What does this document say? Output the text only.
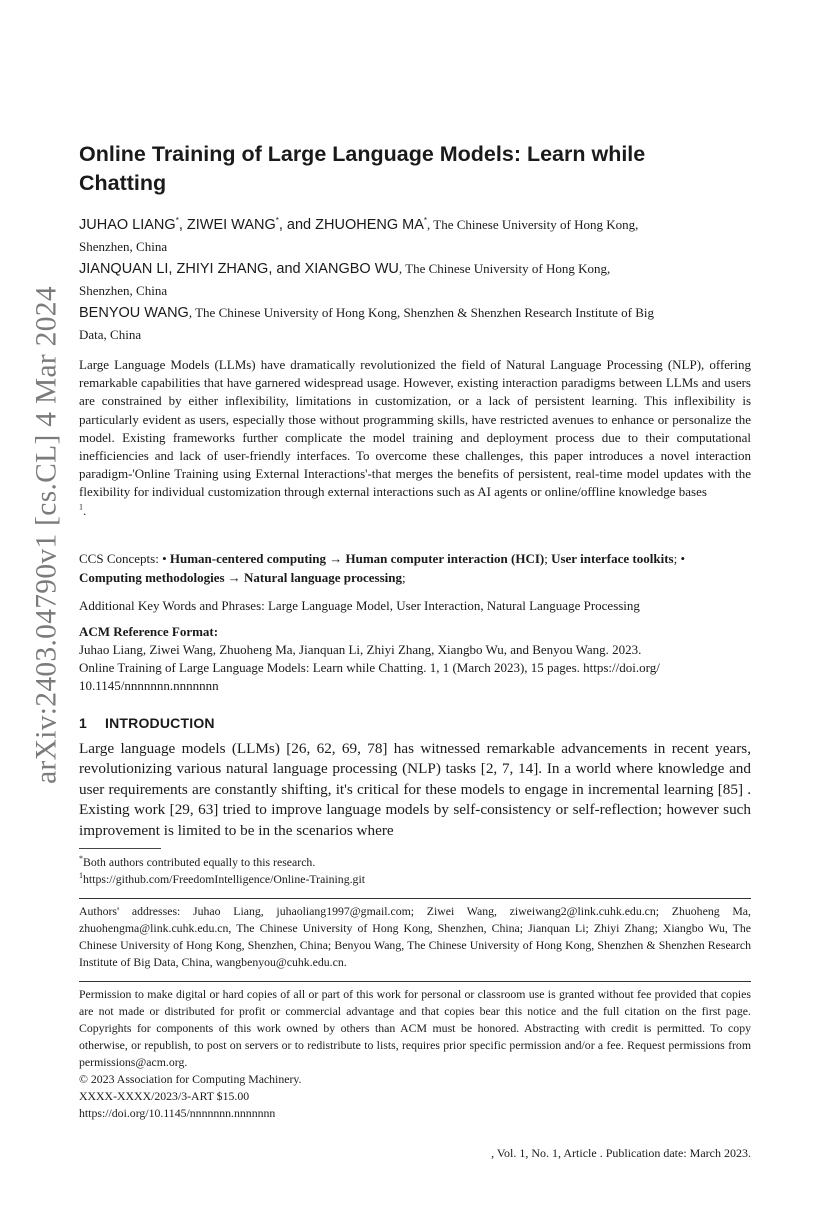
arXiv:2403.04790v1 [cs.CL] 4 Mar 2024
Online Training of Large Language Models: Learn while
Chatting
JUHAO LIANG*, ZIWEI WANG*, and ZHUOHENG MA*, The Chinese University of Hong Kong,
Shenzhen, China
JIANQUAN LI, ZHIYI ZHANG, and XIANGBO WU, The Chinese University of Hong Kong,
Shenzhen, China
BENYOU WANG, The Chinese University of Hong Kong, Shenzhen & Shenzhen Research Institute of Big
Data, China

Large Language Models (LLMs) have dramatically revolutionized the field of Natural Language Processing (NLP), offering remarkable capabilities that have garnered widespread usage. However, existing interaction paradigms between LLMs and users are constrained by either inflexibility, limitations in customization, or a lack of persistent learning. This inflexibility is particularly evident as users, especially those without programming skills, have restricted avenues to enhance or personalize the model. Existing frameworks further complicate the model training and deployment process due to their computational inefficiencies and lack of user-friendly interfaces. To overcome these challenges, this paper introduces a novel interaction paradigm-'Online Training using External Interactions'-that merges the benefits of persistent, real-time model updates with the flexibility for individual customization through external interactions such as AI agents or online/offline knowledge bases
$^1$.

CCS Concepts: • Human-centered computing → Human computer interaction (HCI); User interface toolkits; • Computing methodologies → Natural language processing;

Additional Key Words and Phrases: Large Language Model, User Interaction, Natural Language Processing

ACM Reference Format:
Juhao Liang, Ziwei Wang, Zhuoheng Ma, Jianquan Li, Zhiyi Zhang, Xiangbo Wu, and Benyou Wang. 2023.
Online Training of Large Language Models: Learn while Chatting. 1, 1 (March 2023), 15 pages. https://doi.org/
10.1145/nnnnnnn.nnnnnnn
1 INTRODUCTION

Large language models (LLMs) [26, 62, 69, 78] has witnessed remarkable advancements in recent years, revolutionizing various natural language processing (NLP) tasks [2, 7, 14]. In a world where knowledge and user requirements are constantly shifting, it's critical for these models to engage in incremental learning [85] . Existing work [29, 63] tried to improve language models by self-consistency or self-reflection; however such improvement is limited to be in the scenarios where

*Both authors contributed equally to this research.
$^1$https://github.com/FreedomIntelligence/Online-Training.git

Authors' addresses: Juhao Liang, juhaoliang1997@gmail.com; Ziwei Wang, ziweiwang2@link.cuhk.edu.cn; Zhuoheng Ma, zhuohengma@link.cuhk.edu.cn, The Chinese University of Hong Kong, Shenzhen, China; Jianquan Li; Zhiyi Zhang; Xiangbo Wu, The Chinese University of Hong Kong, Shenzhen, China; Benyou Wang, The Chinese University of Hong Kong, Shenzhen & Shenzhen Research Institute of Big Data, China, wangbenyou@cuhk.edu.cn.

Permission to make digital or hard copies of all or part of this work for personal or classroom use is granted without fee provided that copies are not made or distributed for profit or commercial advantage and that copies bear this notice and the full citation on the first page. Copyrights for components of this work owned by others than ACM must be honored. Abstracting with credit is permitted. To copy otherwise, or republish, to post on servers or to redistribute to lists, requires prior specific permission and/or a fee. Request permissions from permissions@acm.org.

© 2023 Association for Computing Machinery.
XXXX-XXXX/2023/3-ART $15.00
https://doi.org/10.1145/nnnnnnn.nnnnnnn
, Vol. 1, No. 1, Article . Publication date: March 2023.
